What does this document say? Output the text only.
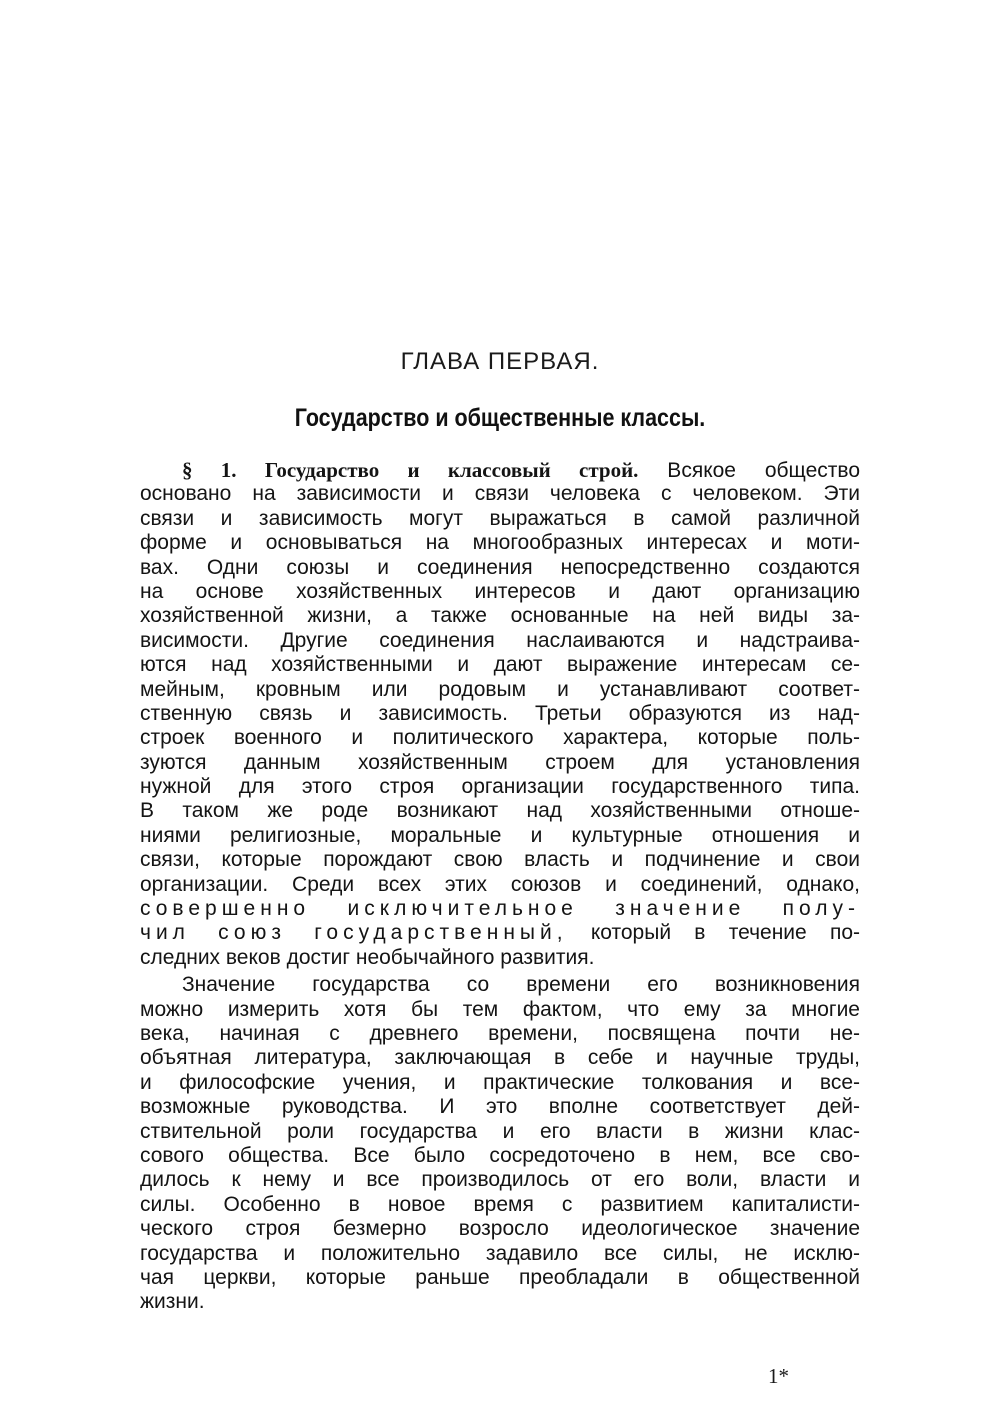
ГЛАВА ПЕРВАЯ.
Государство и общественные классы.
§ 1. Государство и классовый строй. Всякое общество
основано на зависимости и связи человека с человеком. Эти
связи и зависимость могут выражаться в самой различной
форме и основываться на многообразных интересах и моти-
вах. Одни союзы и соединения непосредственно создаются
на основе хозяйственных интересов и дают организацию
хозяйственной жизни, а также основанные на ней виды за-
висимости. Другие соединения наслаиваются и надстраива-
ются над хозяйственными и дают выражение интересам се-
мейным, кровным или родовым и устанавливают соответ-
ственную связь и зависимость. Третьи образуются из над-
строек военного и политического характера, которые поль-
зуются данным хозяйственным строем для установления
нужной для этого строя организации государственного типа.
В таком же роде возникают над хозяйственными отноше-
ниями религиозные, моральные и культурные отношения и
связи, которые порождают свою власть и подчинение и свои
организации. Среди всех этих союзов и соединений, однако,
совершенно исключительное значение полу-
чил союз государственный, который в течение по-
следних веков достиг необычайного развития.
Значение государства со времени его возникновения
можно измерить хотя бы тем фактом, что ему за многие
века, начиная с древнего времени, посвящена почти не-
объятная литература, заключающая в себе и научные труды,
и философские учения, и практические толкования и все-
возможные руководства. И это вполне соответствует дей-
ствительной роли государства и его власти в жизни клас-
сового общества. Все было сосредоточено в нем, все сво-
дилось к нему и все производилось от его воли, власти и
силы. Особенно в новое время с развитием капиталисти-
ческого строя безмерно возросло идеологическое значение
государства и положительно задавило все силы, не исклю-
чая церкви, которые раньше преобладали в общественной
жизни.
1*
